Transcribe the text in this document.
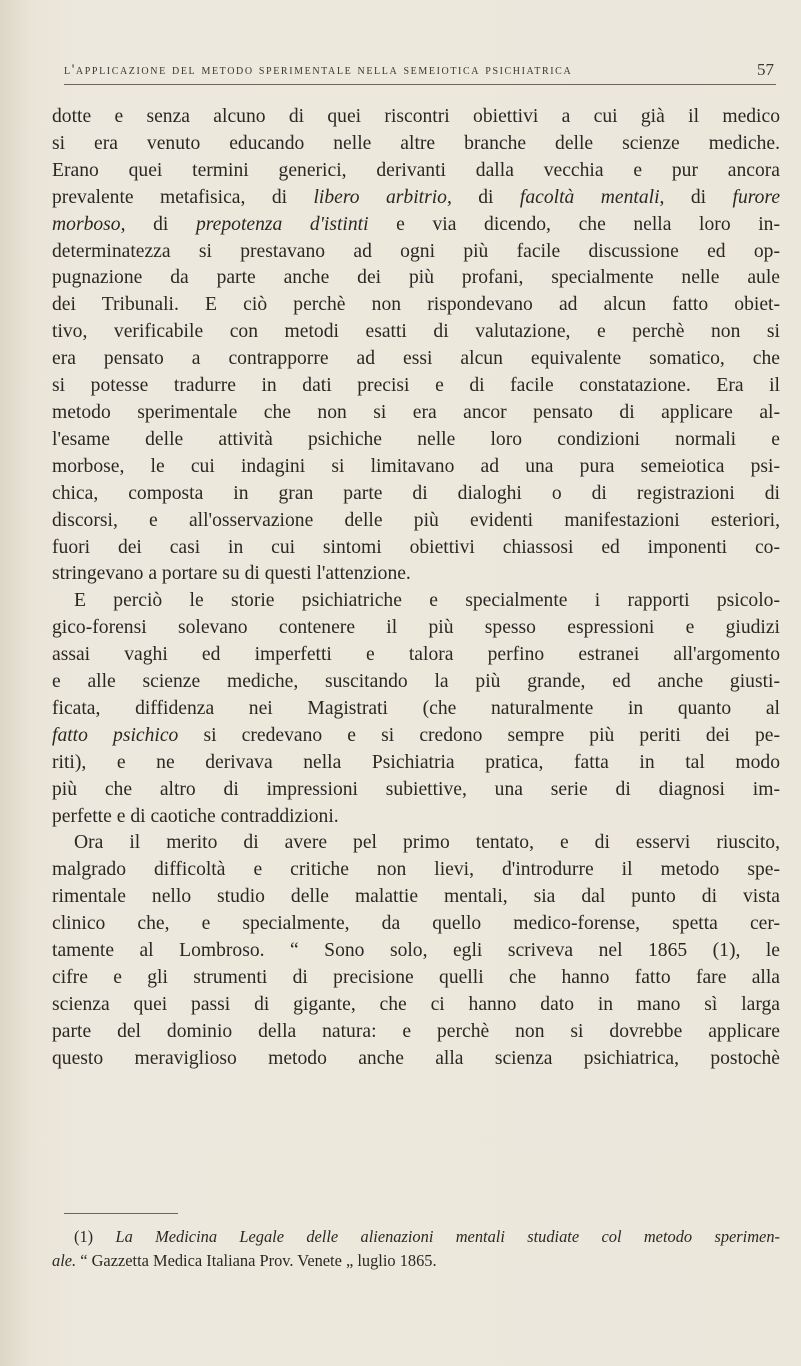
l'applicazione del metodo sperimentale nella semeiotica psichiatrica	57

dotte e senza alcuno di quei riscontri obiettivi a cui già il medico
si era venuto educando nelle altre branche delle scienze mediche.
Erano quei termini generici, derivanti dalla vecchia e pur ancora
prevalente metafisica, di libero arbitrio, di facoltà mentali, di furore
morboso, di prepotenza d'istinti e via dicendo, che nella loro in-
determinatezza si prestavano ad ogni più facile discussione ed op-
pugnazione da parte anche dei più profani, specialmente nelle aule
dei Tribunali. E ciò perchè non rispondevano ad alcun fatto obiet-
tivo, verificabile con metodi esatti di valutazione, e perchè non si
era pensato a contrapporre ad essi alcun equivalente somatico, che
si potesse tradurre in dati precisi e di facile constatazione. Era il
metodo sperimentale che non si era ancor pensato di applicare al-
l'esame delle attività psichiche nelle loro condizioni normali e
morbose, le cui indagini si limitavano ad una pura semeiotica psi-
chica, composta in gran parte di dialoghi o di registrazioni di
discorsi, e all'osservazione delle più evidenti manifestazioni esteriori,
fuori dei casi in cui sintomi obiettivi chiassosi ed imponenti co-
stringevano a portare su di questi l'attenzione.

E perciò le storie psichiatriche e specialmente i rapporti psicolo-
gico-forensi solevano contenere il più spesso espressioni e giudizi
assai vaghi ed imperfetti e talora perfino estranei all'argomento
e alle scienze mediche, suscitando la più grande, ed anche giusti-
ficata, diffidenza nei Magistrati (che naturalmente in quanto al
fatto psichico si credevano e si credono sempre più periti dei pe-
riti), e ne derivava nella Psichiatria pratica, fatta in tal modo
più che altro di impressioni subiettive, una serie di diagnosi im-
perfette e di caotiche contraddizioni.

Ora il merito di avere pel primo tentato, e di esservi riuscito,
malgrado difficoltà e critiche non lievi, d'introdurre il metodo spe-
rimentale nello studio delle malattie mentali, sia dal punto di vista
clinico che, e specialmente, da quello medico-forense, spetta cer-
tamente al Lombroso. “ Sono solo, egli scriveva nel 1865 (1), le
cifre e gli strumenti di precisione quelli che hanno fatto fare alla
scienza quei passi di gigante, che ci hanno dato in mano sì larga
parte del dominio della natura: e perchè non si dovrebbe applicare
questo meraviglioso metodo anche alla scienza psichiatrica, postochè

(1) La Medicina Legale delle alienazioni mentali studiate col metodo sperimen-
ale. “ Gazzetta Medica Italiana Prov. Venete „ luglio 1865.
